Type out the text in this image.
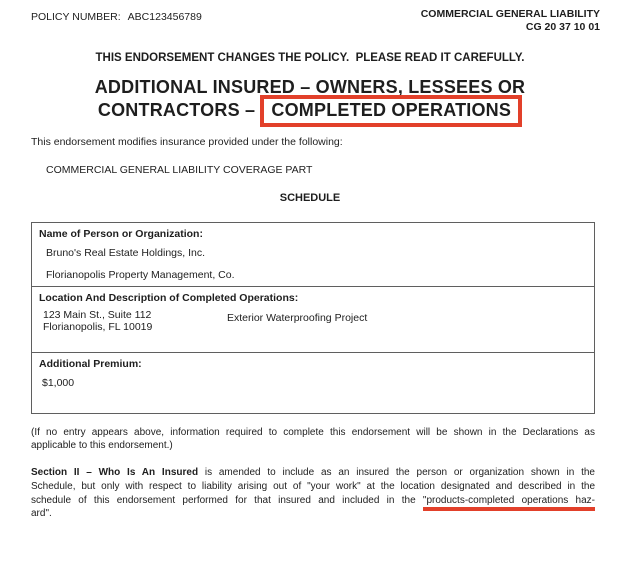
POLICY NUMBER: ABC123456789	COMMERCIAL GENERAL LIABILITY
CG 20 37 10 01
THIS ENDORSEMENT CHANGES THE POLICY.  PLEASE READ IT CAREFULLY.
ADDITIONAL INSURED – OWNERS, LESSEES OR
CONTRACTORS – COMPLETED OPERATIONS
This endorsement modifies insurance provided under the following:
COMMERCIAL GENERAL LIABILITY COVERAGE PART
SCHEDULE
Name of Person or Organization:
Bruno's Real Estate Holdings, Inc.
Florianopolis Property Management, Co.
Location And Description of Completed Operations:
123 Main St., Suite 112
Florianopolis, FL 10019
Exterior Waterproofing Project
Additional Premium:
$1,000
(If no entry appears above, information required to complete this endorsement will be shown in the Declarations as
applicable to this endorsement.)
Section II – Who Is An Insured is amended to include as an insured the person or organization shown in the
Schedule, but only with respect to liability arising out of "your work" at the location designated and described in the
schedule of this endorsement performed for that insured and included in the "products-completed operations haz-
ard".
